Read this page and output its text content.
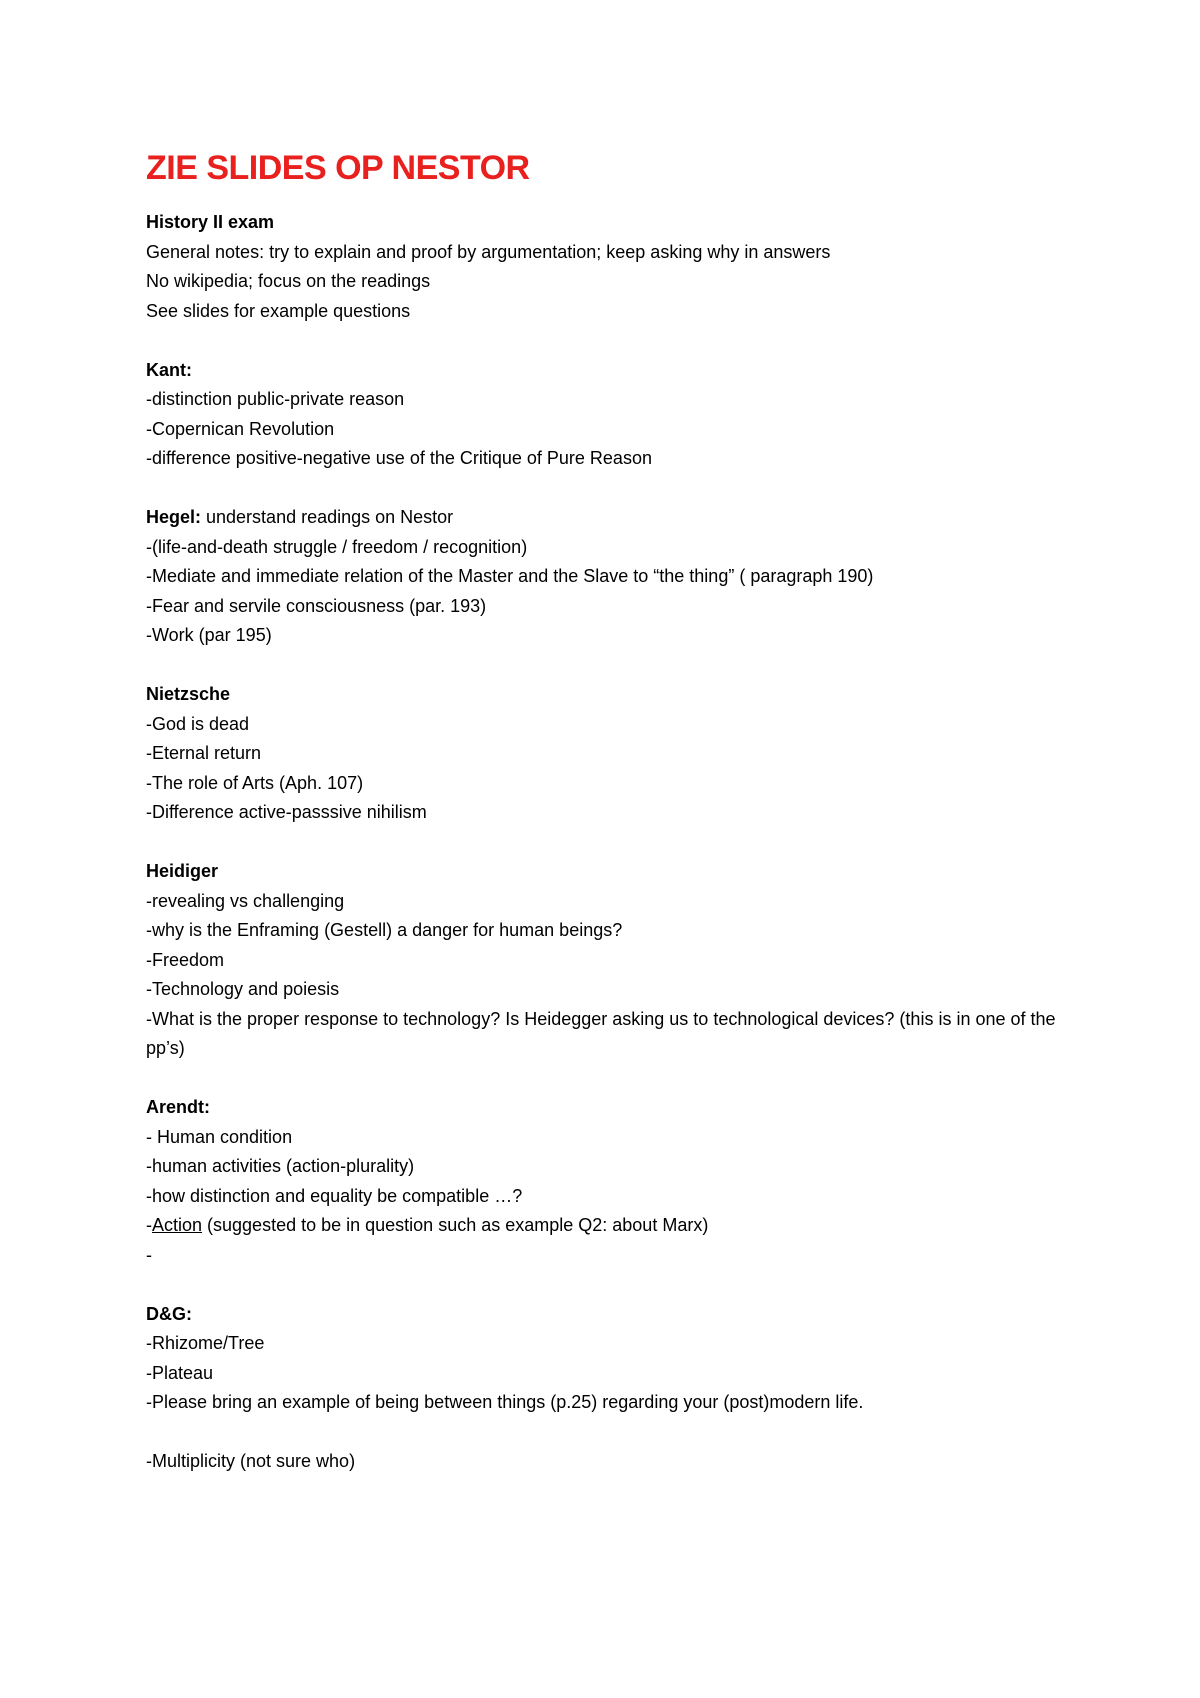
ZIE SLIDES OP NESTOR
History II exam
General notes: try to explain and proof by argumentation; keep asking why in answers
No wikipedia; focus on the readings
See slides for example questions
Kant:
-distinction public-private reason
-Copernican Revolution
-difference positive-negative use of the Critique of Pure Reason
Hegel: understand readings on Nestor
-(life-and-death struggle / freedom / recognition)
-Mediate and immediate relation of the Master and the Slave to “the thing” ( paragraph 190)
-Fear and servile consciousness (par. 193)
-Work (par 195)
Nietzsche
-God is dead
-Eternal return
-The role of Arts (Aph. 107)
-Difference active-passsive nihilism
Heidiger
-revealing vs challenging
-why is the Enframing (Gestell) a danger for human beings?
-Freedom
-Technology and poiesis
-What is the proper response to technology? Is Heidegger asking us to technological devices? (this is in one of the pp’s)
Arendt:
- Human condition
-human activities (action-plurality)
-how distinction and equality be compatible …?
-Action (suggested to be in question such as example Q2: about Marx)
-
D&G:
-Rhizome/Tree
-Plateau
-Please bring an example of being between things (p.25) regarding your (post)modern life.
-Multiplicity (not sure who)
